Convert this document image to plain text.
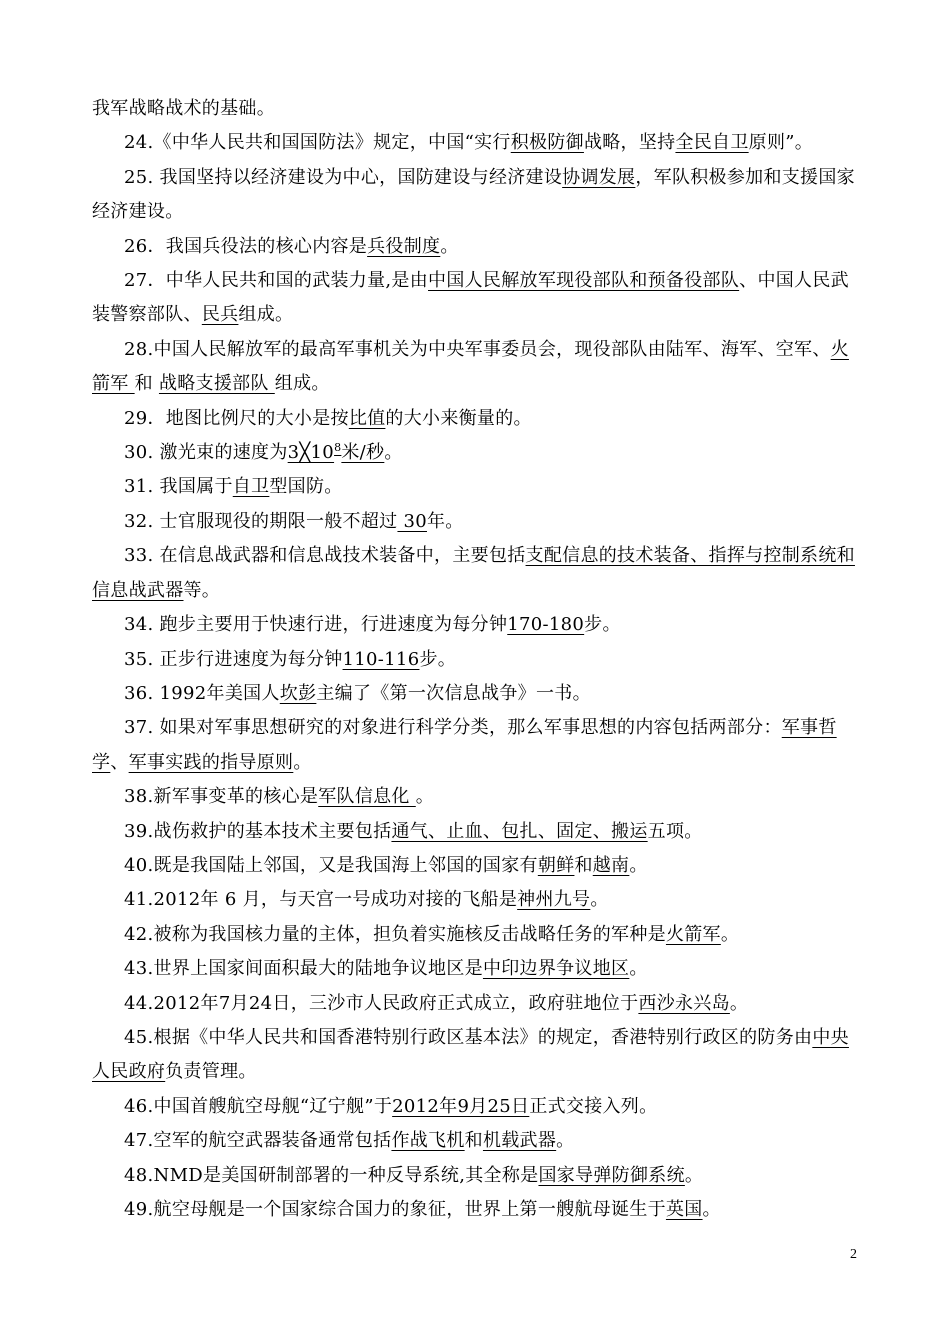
我军战略战术的基础。

24.《中华人民共和国国防法》规定，中国“实行积极防御战略，坚持全民自卫原则”。

25. 我国坚持以经济建设为中心，国防建设与经济建设协调发展，军队积极参加和支援国家经济建设。

26．我国兵役法的核心内容是兵役制度。

27．中华人民共和国的武装力量,是由中国人民解放军现役部队和预备役部队、中国人民武装警察部队、民兵组成。

28.中国人民解放军的最高军事机关为中央军事委员会，现役部队由陆军、海军、空军、火箭军 和 战略支援部队 组成。

29．地图比例尺的大小是按比值的大小来衡量的。

30. 激光束的速度为$3╳10^8$米/秒。

31. 我国属于自卫型国防。

32. 士官服现役的期限一般不超过 30年。

33. 在信息战武器和信息战技术装备中，主要包括支配信息的技术装备、指挥与控制系统和信息战武器等。

34. 跑步主要用于快速行进，行进速度为每分钟170-180步。

35. 正步行进速度为每分钟110-116步。

36. 1992年美国人坎彭主编了《第一次信息战争》一书。

37. 如果对军事思想研究的对象进行科学分类，那么军事思想的内容包括两部分：军事哲学、军事实践的指导原则。

38.新军事变革的核心是军队信息化 。

39.战伤救护的基本技术主要包括通气、止血、包扎、固定、搬运五项。

40.既是我国陆上邻国，又是我国海上邻国的国家有朝鲜和越南。

41.2012年 6 月，与天宫一号成功对接的飞船是神州九号。

42.被称为我国核力量的主体，担负着实施核反击战略任务的军种是火箭军。

43.世界上国家间面积最大的陆地争议地区是中印边界争议地区。

44.2012年7月24日，三沙市人民政府正式成立，政府驻地位于西沙永兴岛。

45.根据《中华人民共和国香港特别行政区基本法》的规定，香港特别行政区的防务由中央人民政府负责管理。

46.中国首艘航空母舰“辽宁舰”于2012年9月25日正式交接入列。

47.空军的航空武器装备通常包括作战飞机和机载武器。

48.NMD是美国研制部署的一种反导系统,其全称是国家导弹防御系统。

49.航空母舰是一个国家综合国力的象征，世界上第一艘航母诞生于英国。

2
